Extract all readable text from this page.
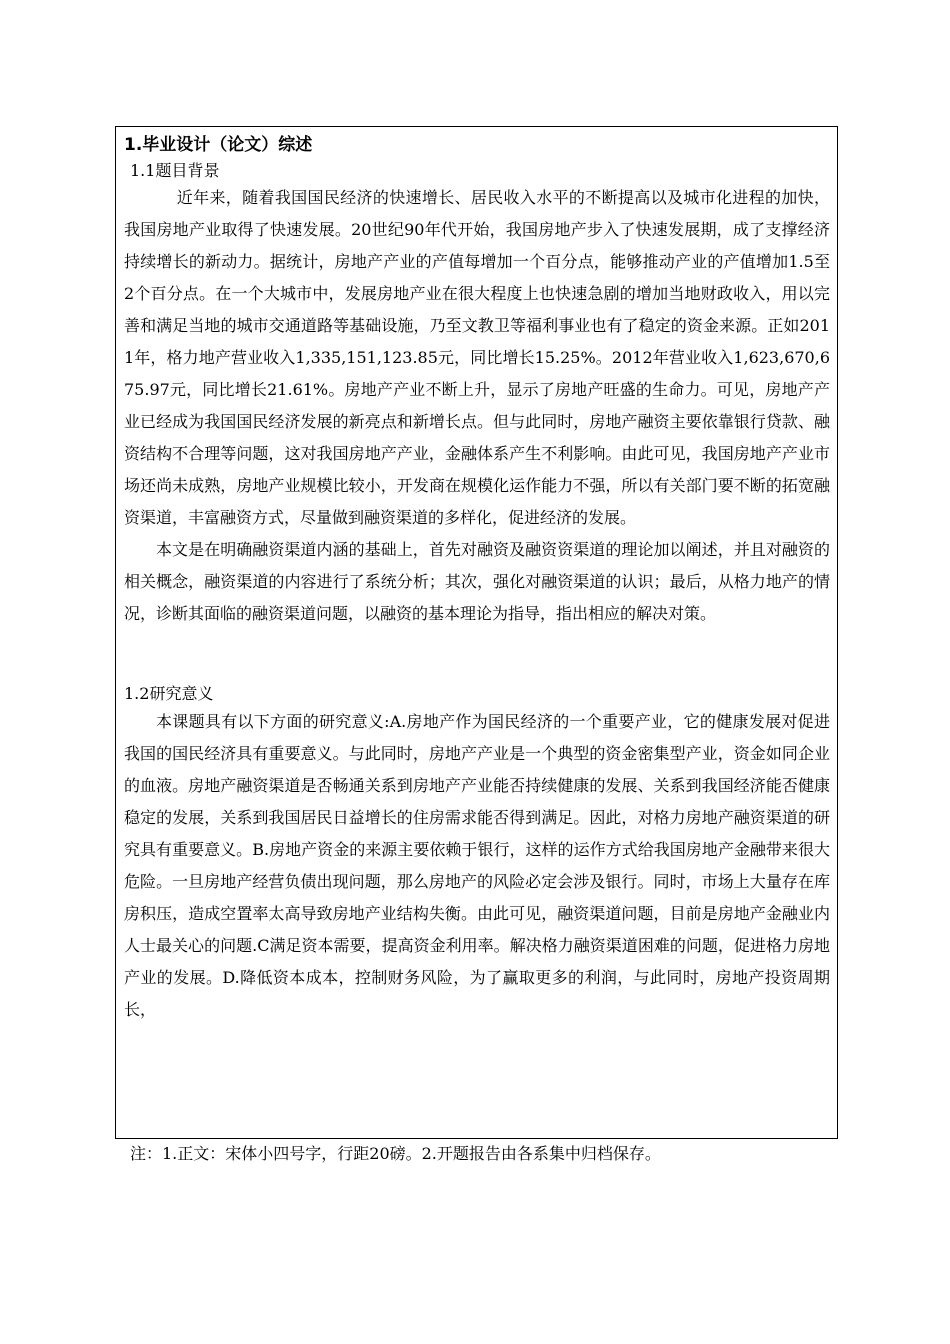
1.毕业设计（论文）综述

1.1题目背景

近年来，随着我国国民经济的快速增长、居民收入水平的不断提高以及城市化进程的加快，我国房地产业取得了快速发展。20世纪90年代开始，我国房地产步入了快速发展期，成了支撑经济持续增长的新动力。据统计，房地产产业的产值每增加一个百分点，能够推动产业的产值增加1.5至2个百分点。在一个大城市中，发展房地产业在很大程度上也快速急剧的增加当地财政收入，用以完善和满足当地的城市交通道路等基础设施，乃至文教卫等福利事业也有了稳定的资金来源。正如2011年，格力地产营业收入1,335,151,123.85元，同比增长15.25%。2012年营业收入1,623,670,675.97元，同比增长21.61%。房地产产业不断上升，显示了房地产旺盛的生命力。可见，房地产产业已经成为我国国民经济发展的新亮点和新增长点。但与此同时，房地产融资主要依靠银行贷款、融资结构不合理等问题，这对我国房地产产业，金融体系产生不利影响。由此可见，我国房地产产业市场还尚未成熟，房地产业规模比较小，开发商在规模化运作能力不强，所以有关部门要不断的拓宽融资渠道，丰富融资方式，尽量做到融资渠道的多样化，促进经济的发展。

本文是在明确融资渠道内涵的基础上，首先对融资及融资资渠道的理论加以阐述，并且对融资的相关概念，融资渠道的内容进行了系统分析；其次，强化对融资渠道的认识；最后，从格力地产的情况，诊断其面临的融资渠道问题，以融资的基本理论为指导，指出相应的解决对策。

1.2研究意义

本课题具有以下方面的研究意义:A.房地产作为国民经济的一个重要产业，它的健康发展对促进我国的国民经济具有重要意义。与此同时，房地产产业是一个典型的资金密集型产业，资金如同企业的血液。房地产融资渠道是否畅通关系到房地产产业能否持续健康的发展、关系到我国经济能否健康稳定的发展，关系到我国居民日益增长的住房需求能否得到满足。因此，对格力房地产融资渠道的研究具有重要意义。B.房地产资金的来源主要依赖于银行，这样的运作方式给我国房地产金融带来很大危险。一旦房地产经营负债出现问题，那么房地产的风险必定会涉及银行。同时，市场上大量存在库房积压，造成空置率太高导致房地产业结构失衡。由此可见，融资渠道问题，目前是房地产金融业内人士最关心的问题.C满足资本需要，提高资金利用率。解决格力融资渠道困难的问题，促进格力房地产业的发展。D.降低资本成本，控制财务风险，为了赢取更多的利润，与此同时，房地产投资周期长，

注：1.正文：宋体小四号字，行距20磅。2.开题报告由各系集中归档保存。
